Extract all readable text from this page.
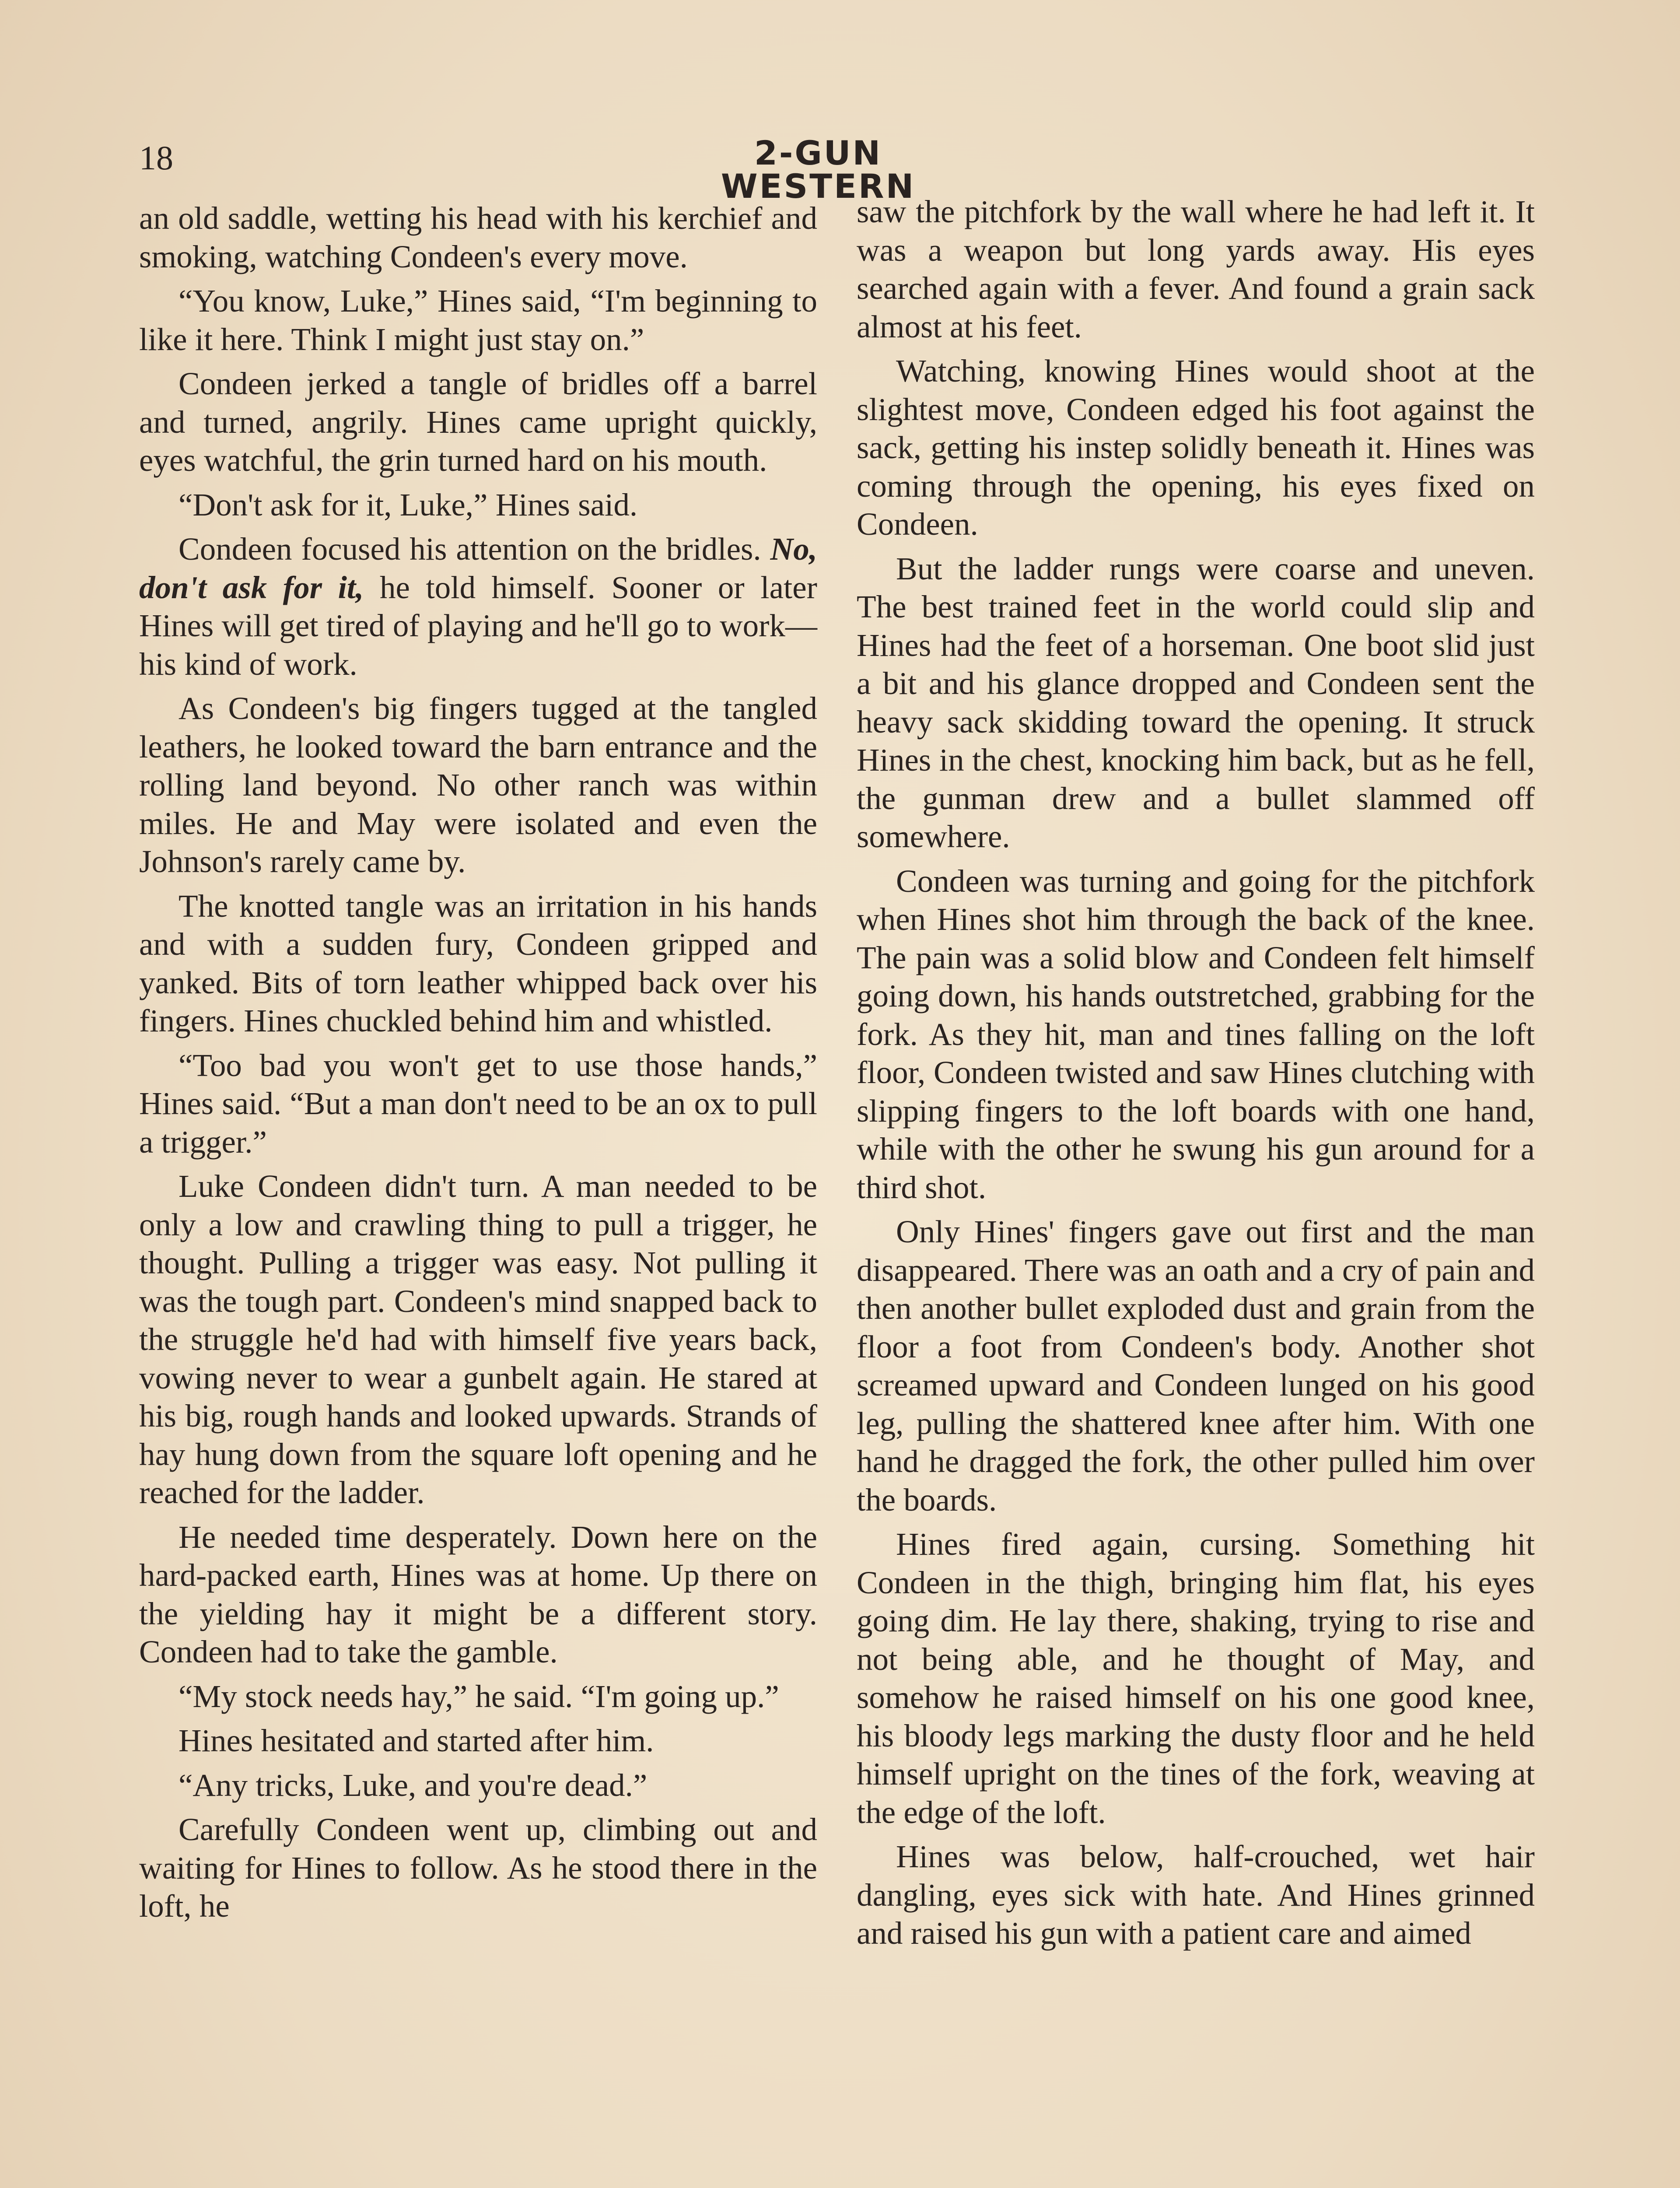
18	2-GUN WESTERN

an old saddle, wetting his head with his kerchief and smoking, watching Condeen's every move.

“You know, Luke,” Hines said, “I'm beginning to like it here. Think I might just stay on.”

Condeen jerked a tangle of bridles off a barrel and turned, angrily. Hines came upright quickly, eyes watchful, the grin turned hard on his mouth.

“Don't ask for it, Luke,” Hines said.

Condeen focused his attention on the bridles. No, don't ask for it, he told himself. Sooner or later Hines will get tired of playing and he'll go to work—his kind of work.

As Condeen's big fingers tugged at the tangled leathers, he looked toward the barn entrance and the rolling land beyond. No other ranch was within miles. He and May were isolated and even the Johnson's rarely came by.

The knotted tangle was an irritation in his hands and with a sudden fury, Condeen gripped and yanked. Bits of torn leather whipped back over his fingers. Hines chuckled behind him and whistled.

“Too bad you won't get to use those hands,” Hines said. “But a man don't need to be an ox to pull a trigger.”

Luke Condeen didn't turn. A man needed to be only a low and crawling thing to pull a trigger, he thought. Pulling a trigger was easy. Not pulling it was the tough part. Condeen's mind snapped back to the struggle he'd had with himself five years back, vowing never to wear a gunbelt again. He stared at his big, rough hands and looked upwards. Strands of hay hung down from the square loft opening and he reached for the ladder.

He needed time desperately. Down here on the hard-packed earth, Hines was at home. Up there on the yielding hay it might be a different story. Condeen had to take the gamble.

“My stock needs hay,” he said. “I'm going up.”

Hines hesitated and started after him.

“Any tricks, Luke, and you're dead.”

Carefully Condeen went up, climbing out and waiting for Hines to follow. As he stood there in the loft, he

saw the pitchfork by the wall where he had left it. It was a weapon but long yards away. His eyes searched again with a fever. And found a grain sack almost at his feet.

Watching, knowing Hines would shoot at the slightest move, Condeen edged his foot against the sack, getting his instep solidly beneath it. Hines was coming through the opening, his eyes fixed on Condeen.

But the ladder rungs were coarse and uneven. The best trained feet in the world could slip and Hines had the feet of a horseman. One boot slid just a bit and his glance dropped and Condeen sent the heavy sack skidding toward the opening. It struck Hines in the chest, knocking him back, but as he fell, the gunman drew and a bullet slammed off somewhere.

Condeen was turning and going for the pitchfork when Hines shot him through the back of the knee. The pain was a solid blow and Condeen felt himself going down, his hands outstretched, grabbing for the fork. As they hit, man and tines falling on the loft floor, Condeen twisted and saw Hines clutching with slipping fingers to the loft boards with one hand, while with the other he swung his gun around for a third shot.

Only Hines' fingers gave out first and the man disappeared. There was an oath and a cry of pain and then another bullet exploded dust and grain from the floor a foot from Condeen's body. Another shot screamed upward and Condeen lunged on his good leg, pulling the shattered knee after him. With one hand he dragged the fork, the other pulled him over the boards.

Hines fired again, cursing. Something hit Condeen in the thigh, bringing him flat, his eyes going dim. He lay there, shaking, trying to rise and not being able, and he thought of May, and somehow he raised himself on his one good knee, his bloody legs marking the dusty floor and he held himself upright on the tines of the fork, weaving at the edge of the loft.

Hines was below, half-crouched, wet hair dangling, eyes sick with hate. And Hines grinned and raised his gun with a patient care and aimed
